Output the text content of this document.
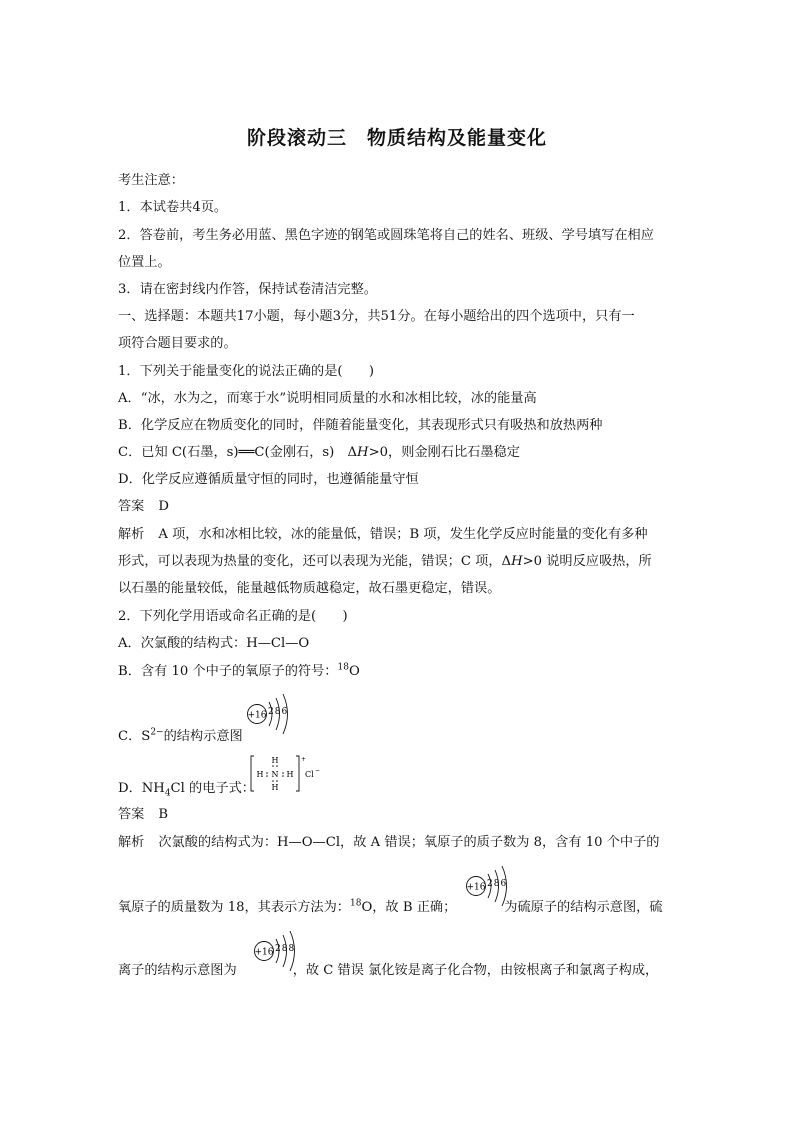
阶段滚动三　物质结构及能量变化
考生注意：
1．本试卷共4页。
2．答卷前，考生务必用蓝、黑色字迹的钢笔或圆珠笔将自己的姓名、班级、学号填写在相应
位置上。
3．请在密封线内作答，保持试卷清洁完整。
一、选择题：本题共17小题，每小题3分，共51分。在每小题给出的四个选项中，只有一
项符合题目要求的。
1．下列关于能量变化的说法正确的是(　　)
A．“冰，水为之，而寒于水”说明相同质量的水和冰相比较，冰的能量高
B．化学反应在物质变化的同时，伴随着能量变化，其表现形式只有吸热和放热两种
C．已知 C(石墨，s)══C(金刚石，s)　ΔH>0，则金刚石比石墨稳定
D．化学反应遵循质量守恒的同时，也遵循能量守恒
答案 D
解析 A 项，水和冰相比较，冰的能量低，错误；B 项，发生化学反应时能量的变化有多种
形式，可以表现为热量的变化，还可以表现为光能，错误；C 项，ΔH>0 说明反应吸热，所
以石墨的能量较低，能量越低物质越稳定，故石墨更稳定，错误。
2．下列化学用语或命名正确的是(　　)
A．次氯酸的结构式：H—Cl—O
B．含有 10 个中子的氧原子的符号：$^{18}$O
C．$S^{2-}$的结构示意图
+16 286
D．$NH_4Cl$ 的电子式：
H
H N H
H
+
Cl −
答案 B
解析 次氯酸的结构式为：H—O—Cl，故 A 错误；氧原子的质子数为 8，含有 10 个中子的
氧原子的质量数为 18，其表示方法为：$^{18}$O，故 B 正确；	为硫原子的结构示意图，硫
+16 286
离子的结构示意图为	，故 C 错误 氯化铵是离子化合物，由铵根离子和氯离子构成，
+16 288
